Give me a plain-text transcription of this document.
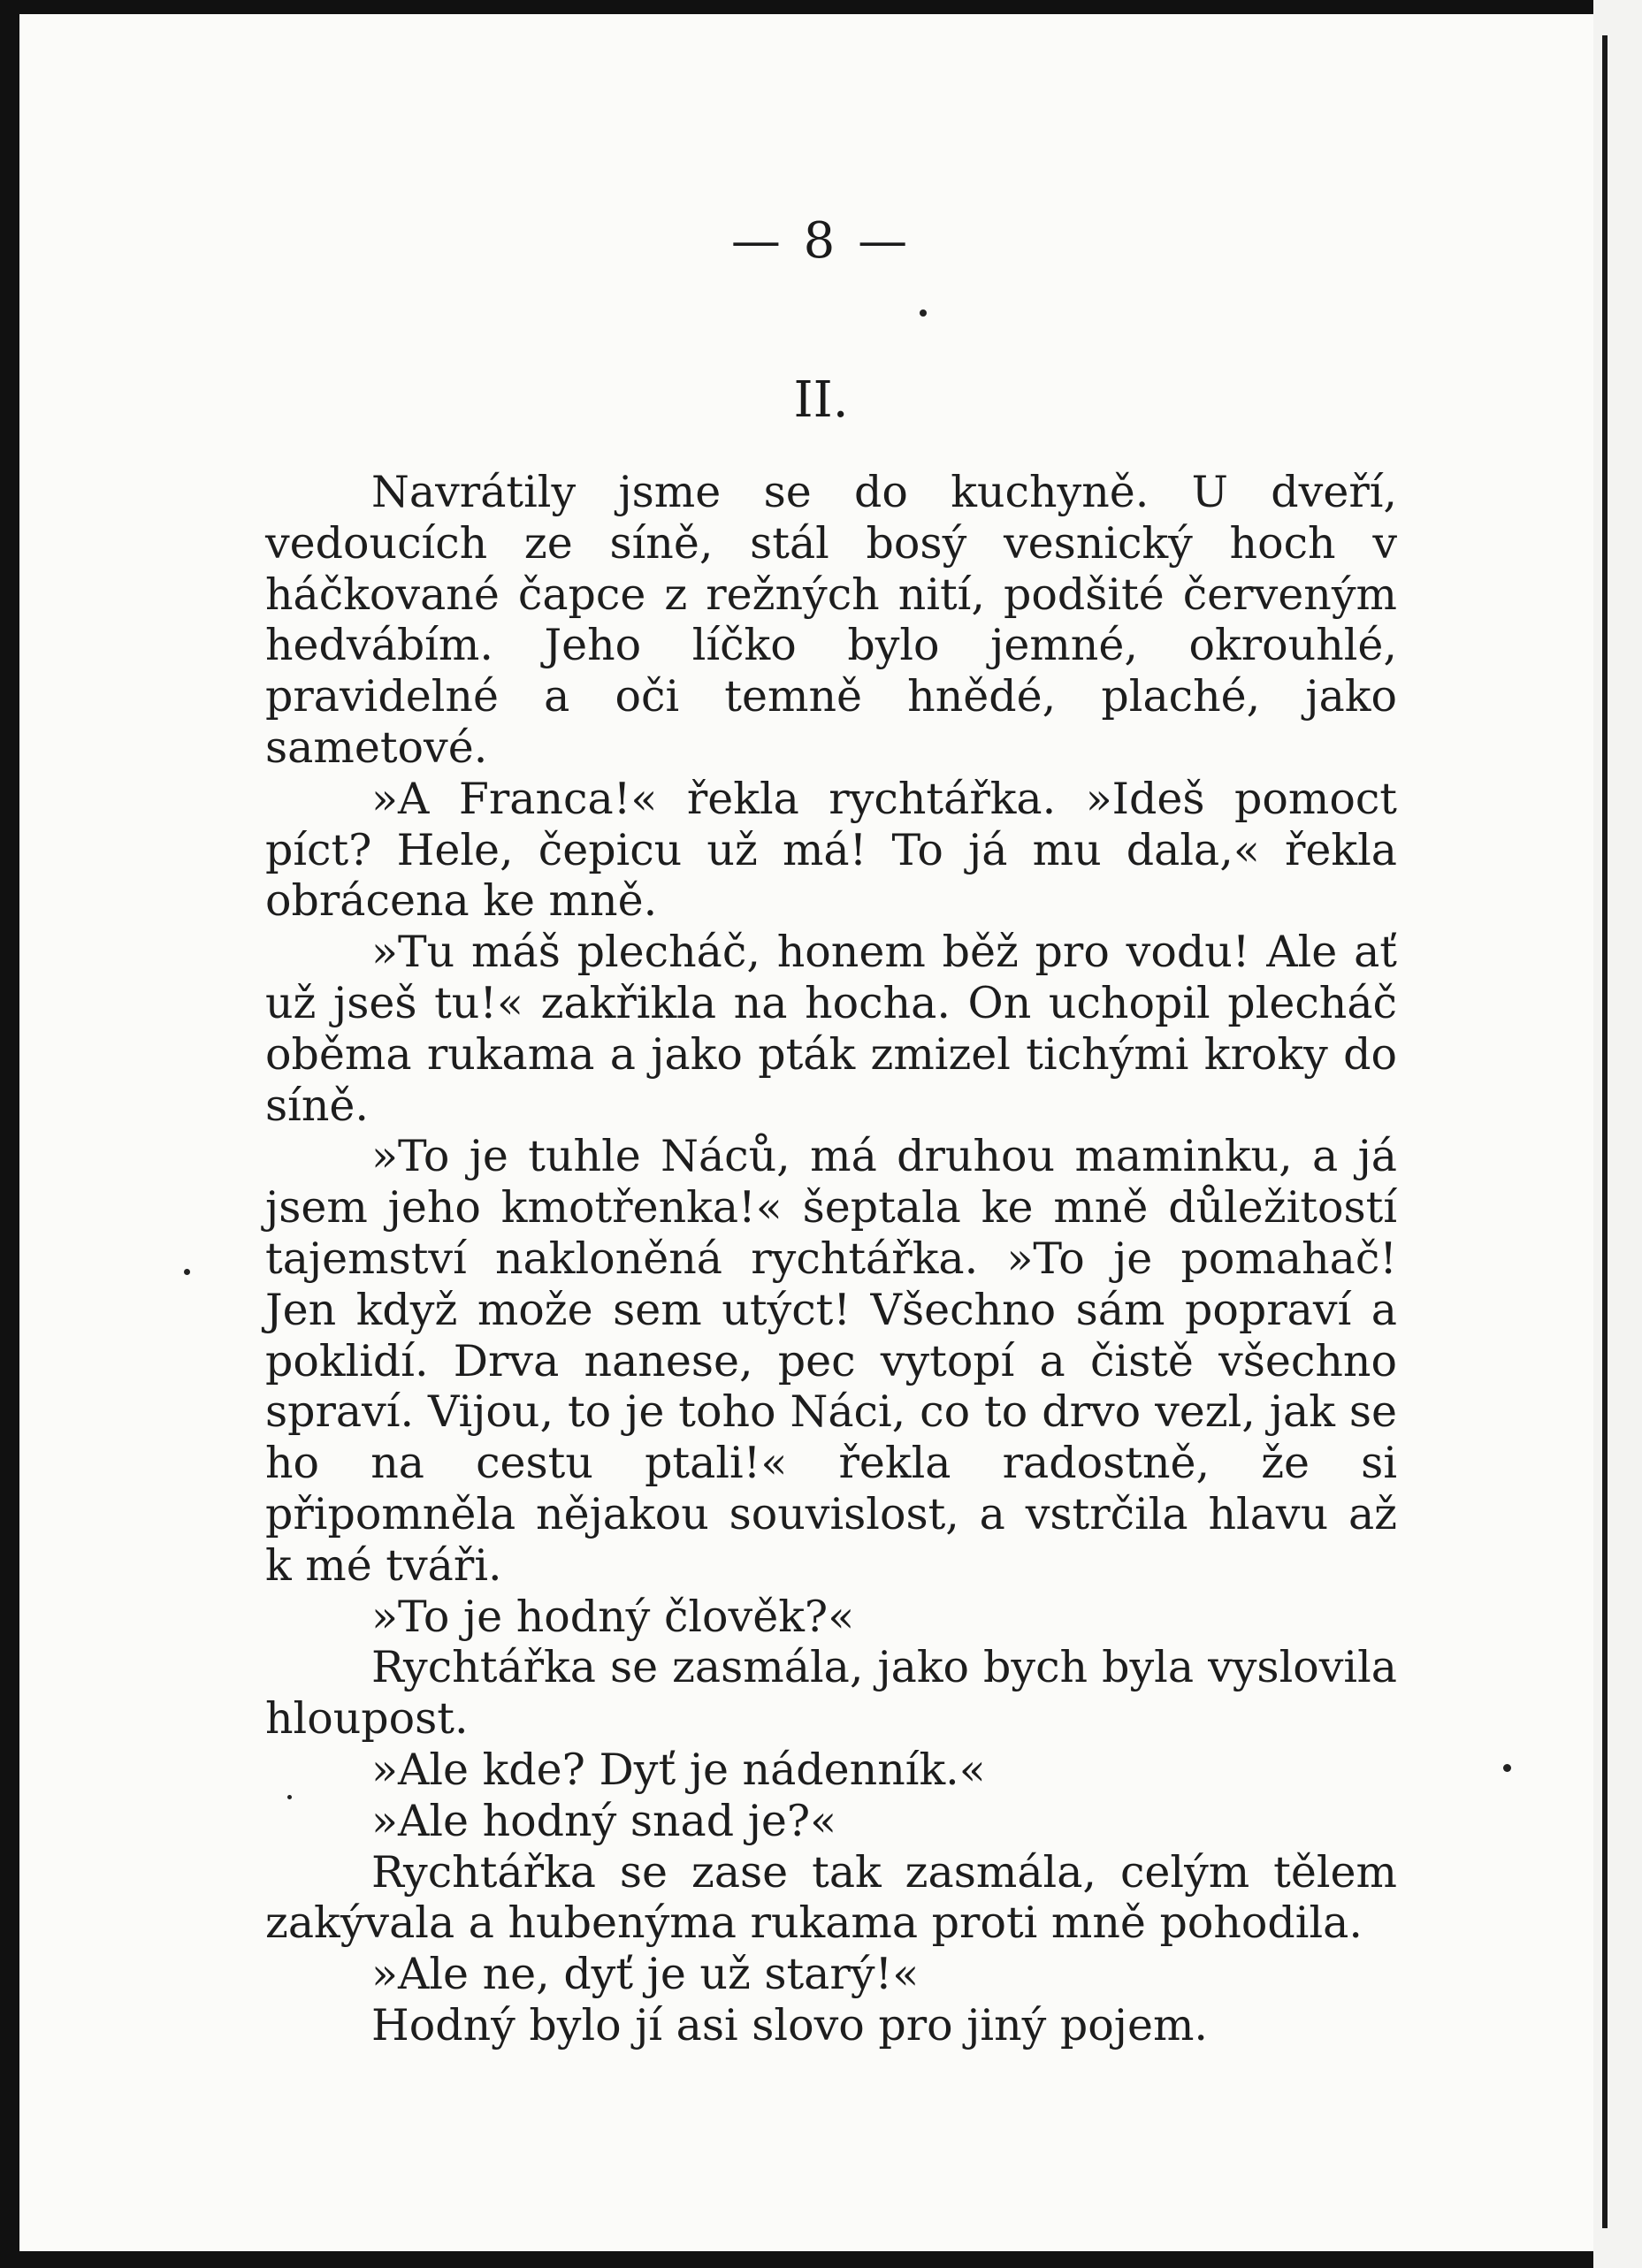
— 8 —
II.

Navrátily jsme se do kuchyně. U dveří, vedoucích ze síně, stál bosý vesnický hoch v háčkované čapce z režných nití, podšité červeným hedvábím. Jeho líčko bylo jemné, okrouhlé, pravidelné a oči temně hnědé, plaché, jako sametové.

»A Franca!« řekla rychtářka. »Ideš pomoct píct? Hele, čepicu už má! To já mu dala,« řekla obrácena ke mně.

»Tu máš plecháč, honem běž pro vodu! Ale ať už jseš tu!« zakřikla na hocha. On uchopil plecháč oběma rukama a jako pták zmizel tichými kroky do síně.

»To je tuhle Náců, má druhou maminku, a já jsem jeho kmotřenka!« šeptala ke mně důležitostí tajemství nakloněná rychtářka. »To je pomahač! Jen když može sem utýct! Všechno sám popraví a poklidí. Drva nanese, pec vytopí a čistě všechno spraví. Vijou, to je toho Náci, co to drvo vezl, jak se ho na cestu ptali!« řekla radostně, že si připomněla nějakou souvislost, a vstrčila hlavu až k mé tváři.

»To je hodný člověk?«

Rychtářka se zasmála, jako bych byla vyslovila hloupost.

»Ale kde? Dyť je nádenník.«

»Ale hodný snad je?«

Rychtářka se zase tak zasmála, celým tělem zakývala a hubenýma rukama proti mně pohodila.

»Ale ne, dyť je už starý!«

Hodný bylo jí asi slovo pro jiný pojem.
